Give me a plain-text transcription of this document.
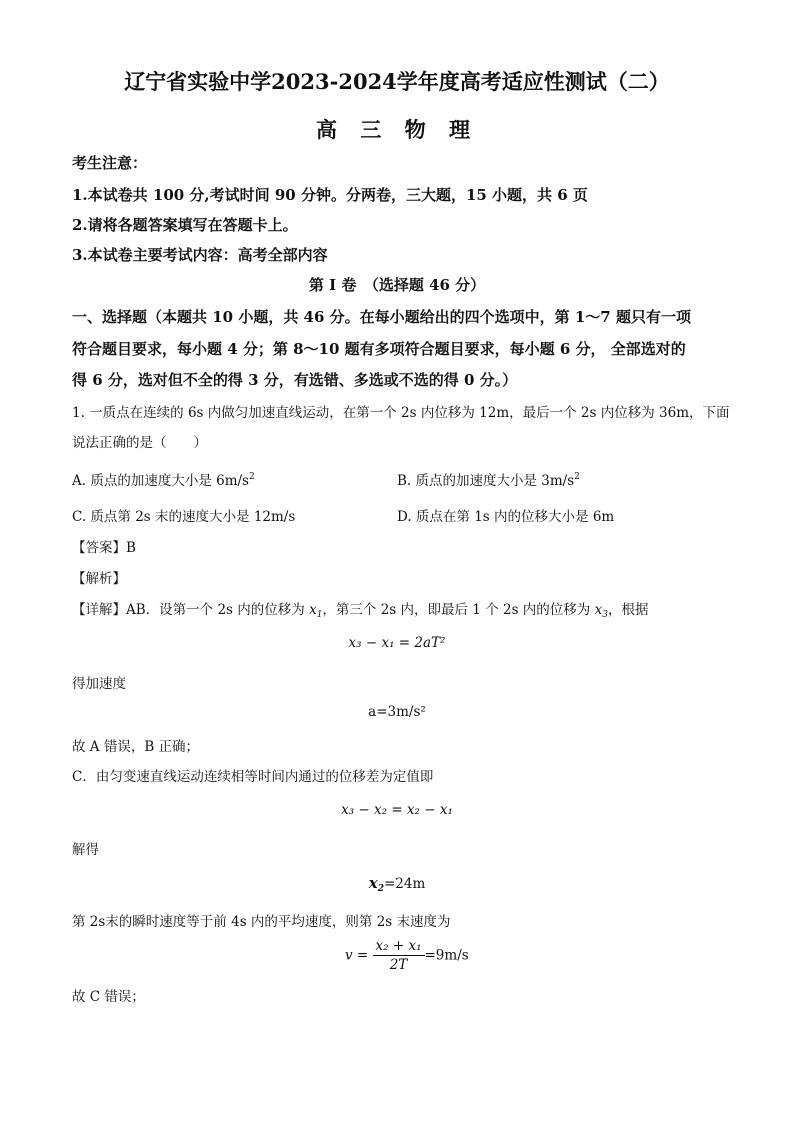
辽宁省实验中学2023-2024学年度高考适应性测试（二）
高 三 物 理
考生注意：
1.本试卷共 100 分,考试时间 90 分钟。分两卷，三大题，15 小题，共 6 页
2.请将各题答案填写在答题卡上。
3.本试卷主要考试内容：高考全部内容
第 I 卷　（选择题 46 分）
一、选择题（本题共 10 小题，共 46 分。在每小题给出的四个选项中，第 1～7 题只有一项
符合题目要求，每小题 4 分；第 8～10 题有多项符合题目要求，每小题 6 分， 全部选对的
得 6 分，选对但不全的得 3 分，有选错、多选或不选的得 0 分。）
1. 一质点在连续的 6s 内做匀加速直线运动，在第一个 2s 内位移为 12m，最后一个 2s 内位移为 36m，下面
说法正确的是（　　）
A. 质点的加速度大小是 $6m/s^2$	B. 质点的加速度大小是 $3m/s^2$
C. 质点第 2s 末的速度大小是 12m/s	D. 质点在第 1s 内的位移大小是 6m
【答案】B
【解析】
【详解】AB．设第一个 2s 内的位移为 $x_1$，第三个 2s 内，即最后 1 个 2s 内的位移为 $x_3$，根据
x₃ − x₁ = 2aT²
得加速度
a=3m/s²
故 A 错误，B 正确；
C．由匀变速直线运动连续相等时间内通过的位移差为定值即
x₃ − x₂ = x₂ − x₁
解得
$x_2=24m$
第 2s末的瞬时速度等于前 4s 内的平均速度，则第 2s 末速度为
$v = \frac{\text{x₂ + x₁}}{2T} =9m/s$
故 C 错误；
